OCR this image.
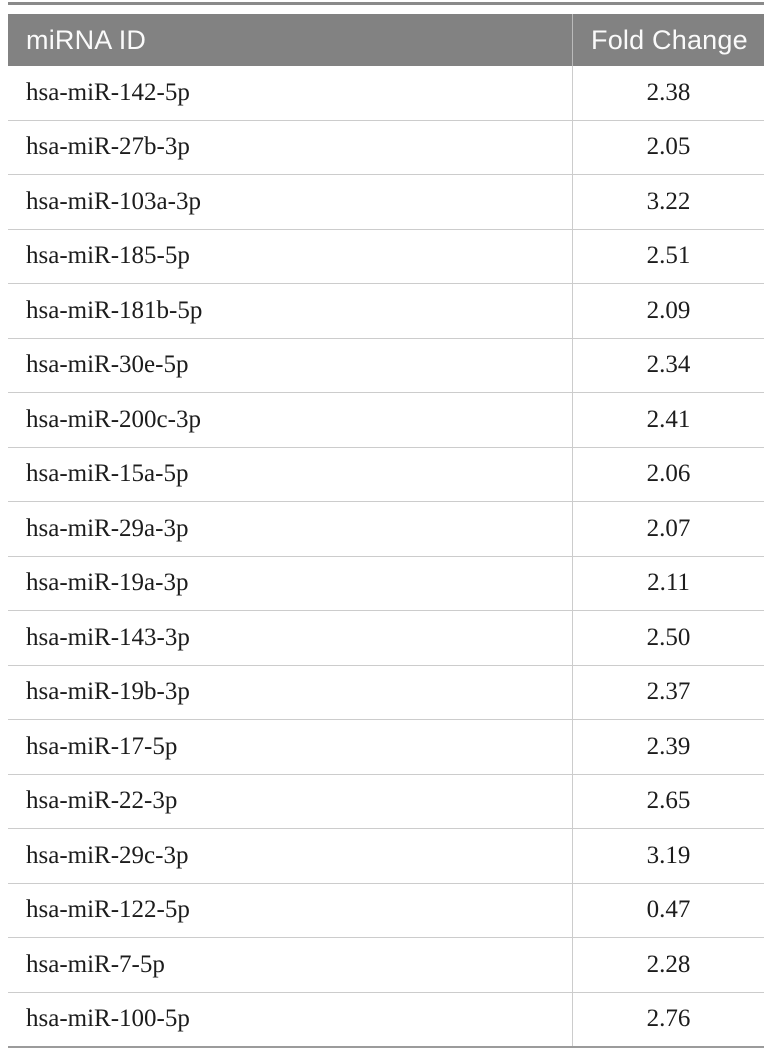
miRNA ID	Fold Change
hsa-miR-142-5p	2.38
hsa-miR-27b-3p	2.05
hsa-miR-103a-3p	3.22
hsa-miR-185-5p	2.51
hsa-miR-181b-5p	2.09
hsa-miR-30e-5p	2.34
hsa-miR-200c-3p	2.41
hsa-miR-15a-5p	2.06
hsa-miR-29a-3p	2.07
hsa-miR-19a-3p	2.11
hsa-miR-143-3p	2.50
hsa-miR-19b-3p	2.37
hsa-miR-17-5p	2.39
hsa-miR-22-3p	2.65
hsa-miR-29c-3p	3.19
hsa-miR-122-5p	0.47
hsa-miR-7-5p	2.28
hsa-miR-100-5p	2.76
